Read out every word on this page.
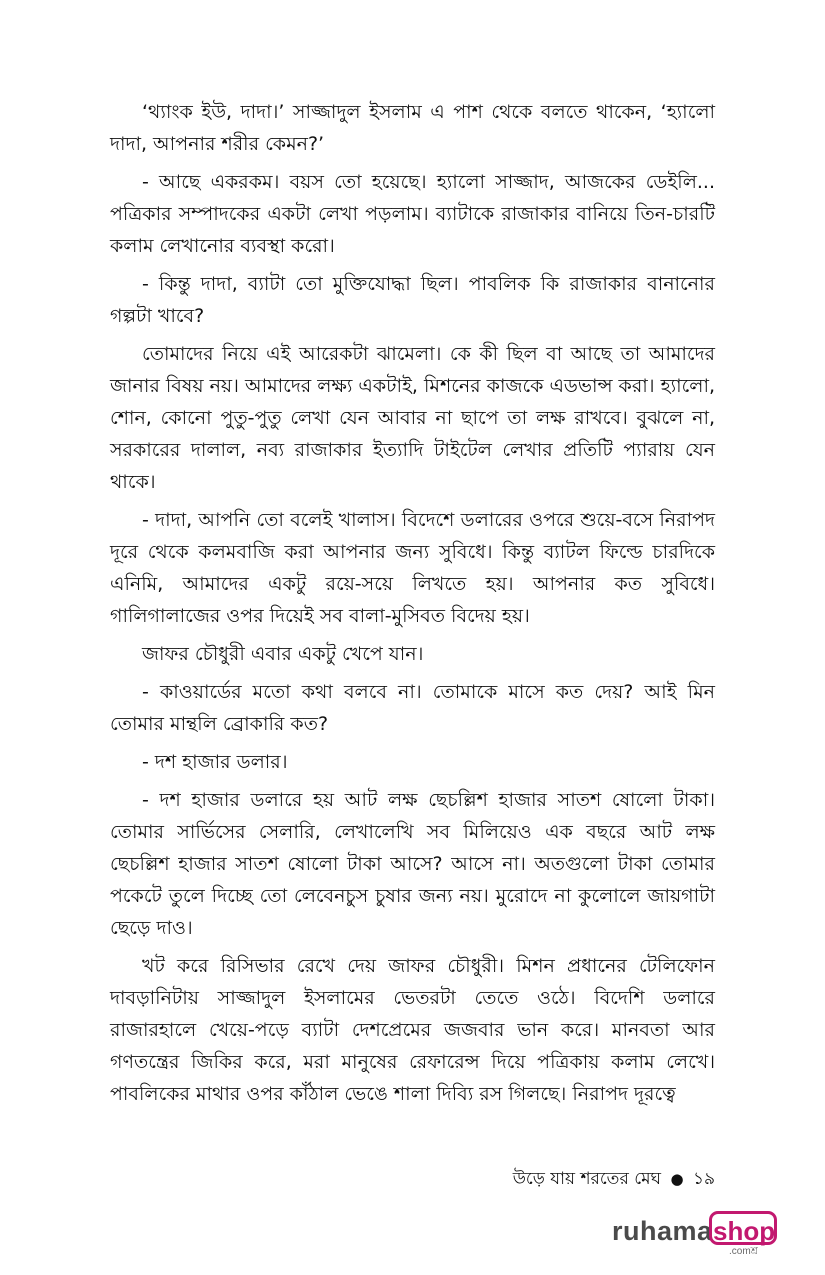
‘থ্যাংক ইউ, দাদা।’ সাজ্জাদুল ইসলাম এ পাশ থেকে বলতে থাকেন, ‘হ্যালো দাদা, আপনার শরীর কেমন?’

- আছে একরকম। বয়স তো হয়েছে। হ্যালো সাজ্জাদ, আজকের ডেইলি... পত্রিকার সম্পাদকের একটা লেখা পড়লাম। ব্যাটাকে রাজাকার বানিয়ে তিন-চারটি কলাম লেখানোর ব্যবস্থা করো।

- কিন্তু দাদা, ব্যাটা তো মুক্তিযোদ্ধা ছিল। পাবলিক কি রাজাকার বানানোর গল্পটা খাবে?

তোমাদের নিয়ে এই আরেকটা ঝামেলা। কে কী ছিল বা আছে তা আমাদের জানার বিষয় নয়। আমাদের লক্ষ্য একটাই, মিশনের কাজকে এডভান্স করা। হ্যালো, শোন, কোনো পুতু-পুতু লেখা যেন আবার না ছাপে তা লক্ষ রাখবে। বুঝলে না, সরকারের দালাল, নব্য রাজাকার ইত্যাদি টাইটেল লেখার প্রতিটি প্যারায় যেন থাকে।

- দাদা, আপনি তো বলেই খালাস। বিদেশে ডলারের ওপরে শুয়ে-বসে নিরাপদ দূরে থেকে কলমবাজি করা আপনার জন্য সুবিধে। কিন্তু ব্যাটল ফিল্ডে চারদিকে এনিমি, আমাদের একটু রয়ে-সয়ে লিখতে হয়। আপনার কত সুবিধে। গালিগালাজের ওপর দিয়েই সব বালা-মুসিবত বিদেয় হয়।

জাফর চৌধুরী এবার একটু খেপে যান।

- কাওয়ার্ডের মতো কথা বলবে না। তোমাকে মাসে কত দেয়? আই মিন তোমার মান্থলি ব্রোকারি কত?

- দশ হাজার ডলার।

- দশ হাজার ডলারে হয় আট লক্ষ ছেচল্লিশ হাজার সাতশ ষোলো টাকা। তোমার সার্ভিসের সেলারি, লেখালেখি সব মিলিয়েও এক বছরে আট লক্ষ ছেচল্লিশ হাজার সাতশ ষোলো টাকা আসে? আসে না। অতগুলো টাকা তোমার পকেটে তুলে দিচ্ছে তো লেবেনচুস চুষার জন্য নয়। মুরোদে না কুলোলে জায়গাটা ছেড়ে দাও।

খট করে রিসিভার রেখে দেয় জাফর চৌধুরী। মিশন প্রধানের টেলিফোন দাবড়ানিটায় সাজ্জাদুল ইসলামের ভেতরটা তেতে ওঠে। বিদেশি ডলারে রাজারহালে খেয়ে-পড়ে ব্যাটা দেশপ্রেমের জজবার ভান করে। মানবতা আর গণতন্ত্রের জিকির করে, মরা মানুষের রেফারেন্স দিয়ে পত্রিকায় কলাম লেখে। পাবলিকের মাথার ওপর কাঁঠাল ভেঙে শালা দিব্যি রস গিলছে। নিরাপদ দূরত্বে

উড়ে যায় শরতের মেঘ ● ১৯
ruhama shop
.comশ্র
